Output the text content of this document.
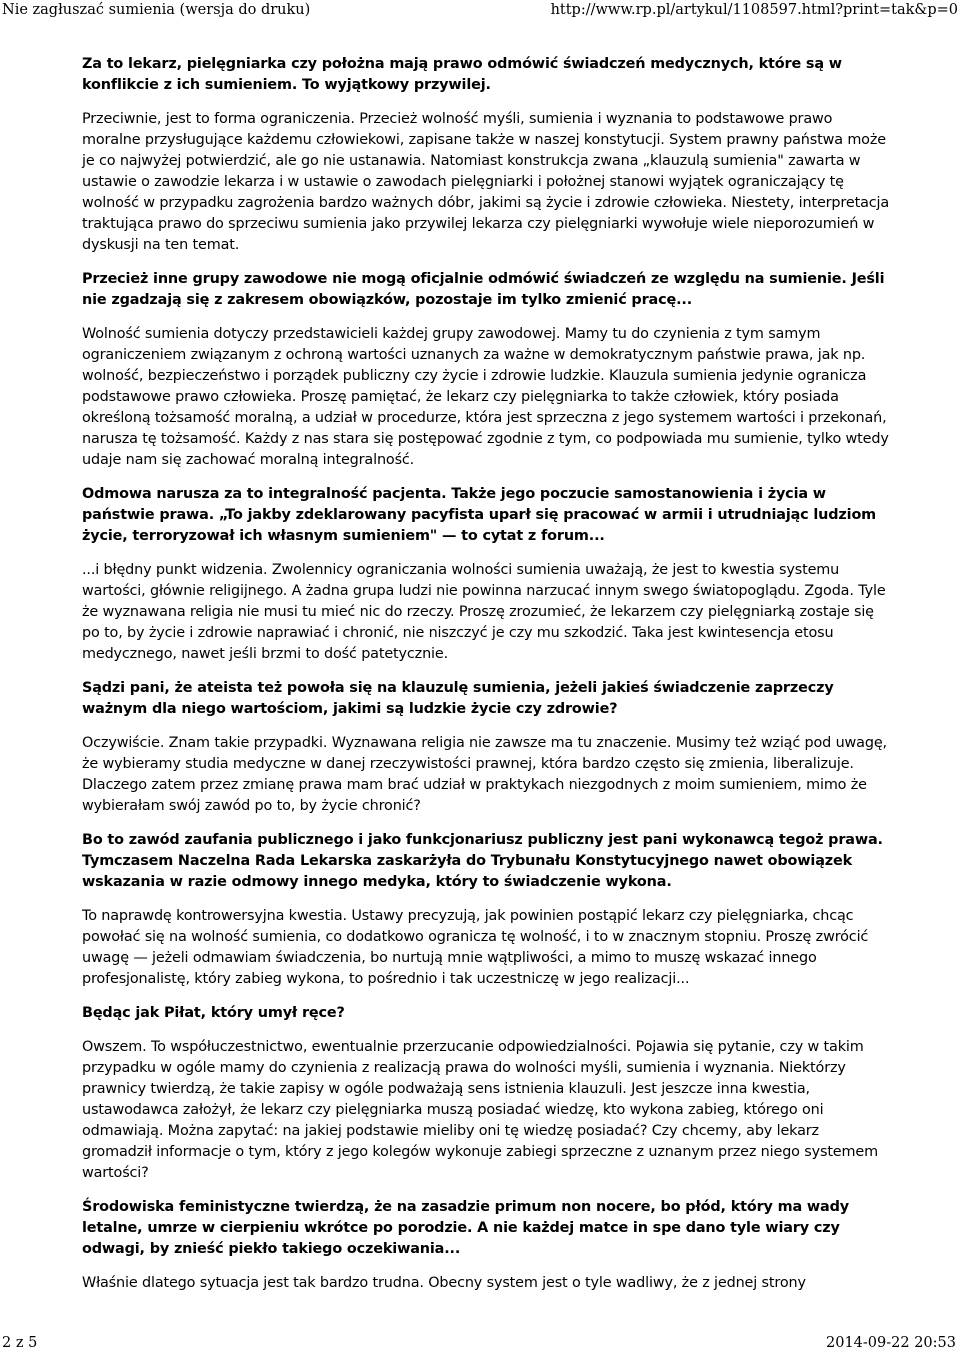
Nie zagłuszać sumienia (wersja do druku)	http://www.rp.pl/artykul/1108597.html?print=tak&p=0

Za to lekarz, pielęgniarka czy położna mają prawo odmówić świadczeń medycznych, które są w konflikcie z ich sumieniem. To wyjątkowy przywilej.

Przeciwnie, jest to forma ograniczenia. Przecież wolność myśli, sumienia i wyznania to podstawowe prawo moralne przysługujące każdemu człowiekowi, zapisane także w naszej konstytucji. System prawny państwa może je co najwyżej potwierdzić, ale go nie ustanawia. Natomiast konstrukcja zwana „klauzulą sumienia" zawarta w ustawie o zawodzie lekarza i w ustawie o zawodach pielęgniarki i położnej stanowi wyjątek ograniczający tę wolność w przypadku zagrożenia bardzo ważnych dóbr, jakimi są życie i zdrowie człowieka. Niestety, interpretacja traktująca prawo do sprzeciwu sumienia jako przywilej lekarza czy pielęgniarki wywołuje wiele nieporozumień w dyskusji na ten temat.

Przecież inne grupy zawodowe nie mogą oficjalnie odmówić świadczeń ze względu na sumienie. Jeśli nie zgadzają się z zakresem obowiązków, pozostaje im tylko zmienić pracę...

Wolność sumienia dotyczy przedstawicieli każdej grupy zawodowej. Mamy tu do czynienia z tym samym ograniczeniem związanym z ochroną wartości uznanych za ważne w demokratycznym państwie prawa, jak np. wolność, bezpieczeństwo i porządek publiczny czy życie i zdrowie ludzkie. Klauzula sumienia jedynie ogranicza podstawowe prawo człowieka. Proszę pamiętać, że lekarz czy pielęgniarka to także człowiek, który posiada określoną tożsamość moralną, a udział w procedurze, która jest sprzeczna z jego systemem wartości i przekonań, narusza tę tożsamość. Każdy z nas stara się postępować zgodnie z tym, co podpowiada mu sumienie, tylko wtedy udaje nam się zachować moralną integralność.

Odmowa narusza za to integralność pacjenta. Także jego poczucie samostanowienia i życia w państwie prawa. „To jakby zdeklarowany pacyfista uparł się pracować w armii i utrudniając ludziom życie, terroryzował ich własnym sumieniem" — to cytat z forum...

...i błędny punkt widzenia. Zwolennicy ograniczania wolności sumienia uważają, że jest to kwestia systemu wartości, głównie religijnego. A żadna grupa ludzi nie powinna narzucać innym swego światopoglądu. Zgoda. Tyle że wyznawana religia nie musi tu mieć nic do rzeczy. Proszę zrozumieć, że lekarzem czy pielęgniarką zostaje się po to, by życie i zdrowie naprawiać i chronić, nie niszczyć je czy mu szkodzić. Taka jest kwintesencja etosu medycznego, nawet jeśli brzmi to dość patetycznie.

Sądzi pani, że ateista też powoła się na klauzulę sumienia, jeżeli jakieś świadczenie zaprzeczy ważnym dla niego wartościom, jakimi są ludzkie życie czy zdrowie?

Oczywiście. Znam takie przypadki. Wyznawana religia nie zawsze ma tu znaczenie. Musimy też wziąć pod uwagę, że wybieramy studia medyczne w danej rzeczywistości prawnej, która bardzo często się zmienia, liberalizuje. Dlaczego zatem przez zmianę prawa mam brać udział w praktykach niezgodnych z moim sumieniem, mimo że wybierałam swój zawód po to, by życie chronić?

Bo to zawód zaufania publicznego i jako funkcjonariusz publiczny jest pani wykonawcą tegoż prawa. Tymczasem Naczelna Rada Lekarska zaskarżyła do Trybunału Konstytucyjnego nawet obowiązek wskazania w razie odmowy innego medyka, który to świadczenie wykona.

To naprawdę kontrowersyjna kwestia. Ustawy precyzują, jak powinien postąpić lekarz czy pielęgniarka, chcąc powołać się na wolność sumienia, co dodatkowo ogranicza tę wolność, i to w znacznym stopniu. Proszę zwrócić uwagę — jeżeli odmawiam świadczenia, bo nurtują mnie wątpliwości, a mimo to muszę wskazać innego profesjonalistę, który zabieg wykona, to pośrednio i tak uczestniczę w jego realizacji...

Będąc jak Piłat, który umył ręce?

Owszem. To współuczestnictwo, ewentualnie przerzucanie odpowiedzialności. Pojawia się pytanie, czy w takim przypadku w ogóle mamy do czynienia z realizacją prawa do wolności myśli, sumienia i wyznania. Niektórzy prawnicy twierdzą, że takie zapisy w ogóle podważają sens istnienia klauzuli. Jest jeszcze inna kwestia, ustawodawca założył, że lekarz czy pielęgniarka muszą posiadać wiedzę, kto wykona zabieg, którego oni odmawiają. Można zapytać: na jakiej podstawie mieliby oni tę wiedzę posiadać? Czy chcemy, aby lekarz gromadził informacje o tym, który z jego kolegów wykonuje zabiegi sprzeczne z uznanym przez niego systemem wartości?

Środowiska feministyczne twierdzą, że na zasadzie primum non nocere, bo płód, który ma wady letalne, umrze w cierpieniu wkrótce po porodzie. A nie każdej matce in spe dano tyle wiary czy odwagi, by znieść piekło takiego oczekiwania...

Właśnie dlatego sytuacja jest tak bardzo trudna. Obecny system jest o tyle wadliwy, że z jednej strony

2 z 5	2014-09-22 20:53
